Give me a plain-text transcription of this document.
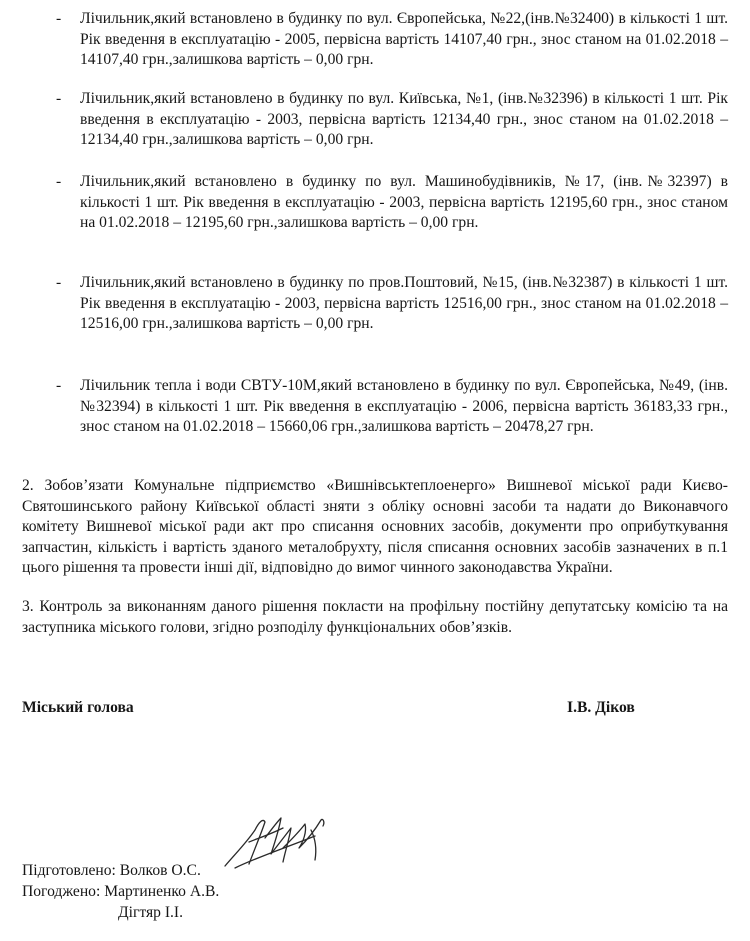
- Лічильник,який встановлено в будинку по вул. Європейська, №22,(інв.№32400) в кількості 1 шт. Рік введення в експлуатацію - 2005, первісна вартість 14107,40 грн., знос станом на 01.02.2018 – 14107,40 грн.,залишкова вартість – 0,00 грн.
- Лічильник,який встановлено в будинку по вул. Київська, №1, (інв.№32396) в кількості 1 шт. Рік введення в експлуатацію - 2003, первісна вартість 12134,40 грн., знос станом на 01.02.2018 – 12134,40 грн.,залишкова вартість – 0,00 грн.
- Лічильник,який встановлено в будинку по вул. Машинобудівників, №17, (інв.№32397) в кількості 1 шт. Рік введення в експлуатацію - 2003, первісна вартість 12195,60 грн., знос станом на 01.02.2018 – 12195,60 грн.,залишкова вартість – 0,00 грн.
- Лічильник,який встановлено в будинку по пров.Поштовий, №15, (інв.№32387) в кількості 1 шт. Рік введення в експлуатацію - 2003, первісна вартість 12516,00 грн., знос станом на 01.02.2018 – 12516,00 грн.,залишкова вартість – 0,00 грн.
- Лічильник тепла і води СВТУ-10М,який встановлено в будинку по вул. Європейська, №49, (інв.№32394) в кількості 1 шт. Рік введення в експлуатацію - 2006, первісна вартість 36183,33 грн., знос станом на 01.02.2018 – 15660,06 грн.,залишкова вартість – 20478,27 грн.
2. Зобов’язати Комунальне підприємство «Вишнівськтеплоенерго» Вишневої міської ради Києво-Святошинського району Київської області зняти з обліку основні засоби та надати до Виконавчого комітету Вишневої міської ради акт про списання основних засобів, документи про оприбуткування запчастин, кількість і вартість зданого металобрухту, після списання основних засобів зазначених в п.1 цього рішення та провести інші дії, відповідно до вимог чинного законодавства України.
3. Контроль за виконанням даного рішення покласти на профільну постійну депутатську комісію та на заступника міського голови, згідно розподілу функціональних обов’язків.
Міський голова	І.В. Діков
Підготовлено: Волков О.С.
Погоджено: Мартиненко А.В.
Дігтяр І.І.
